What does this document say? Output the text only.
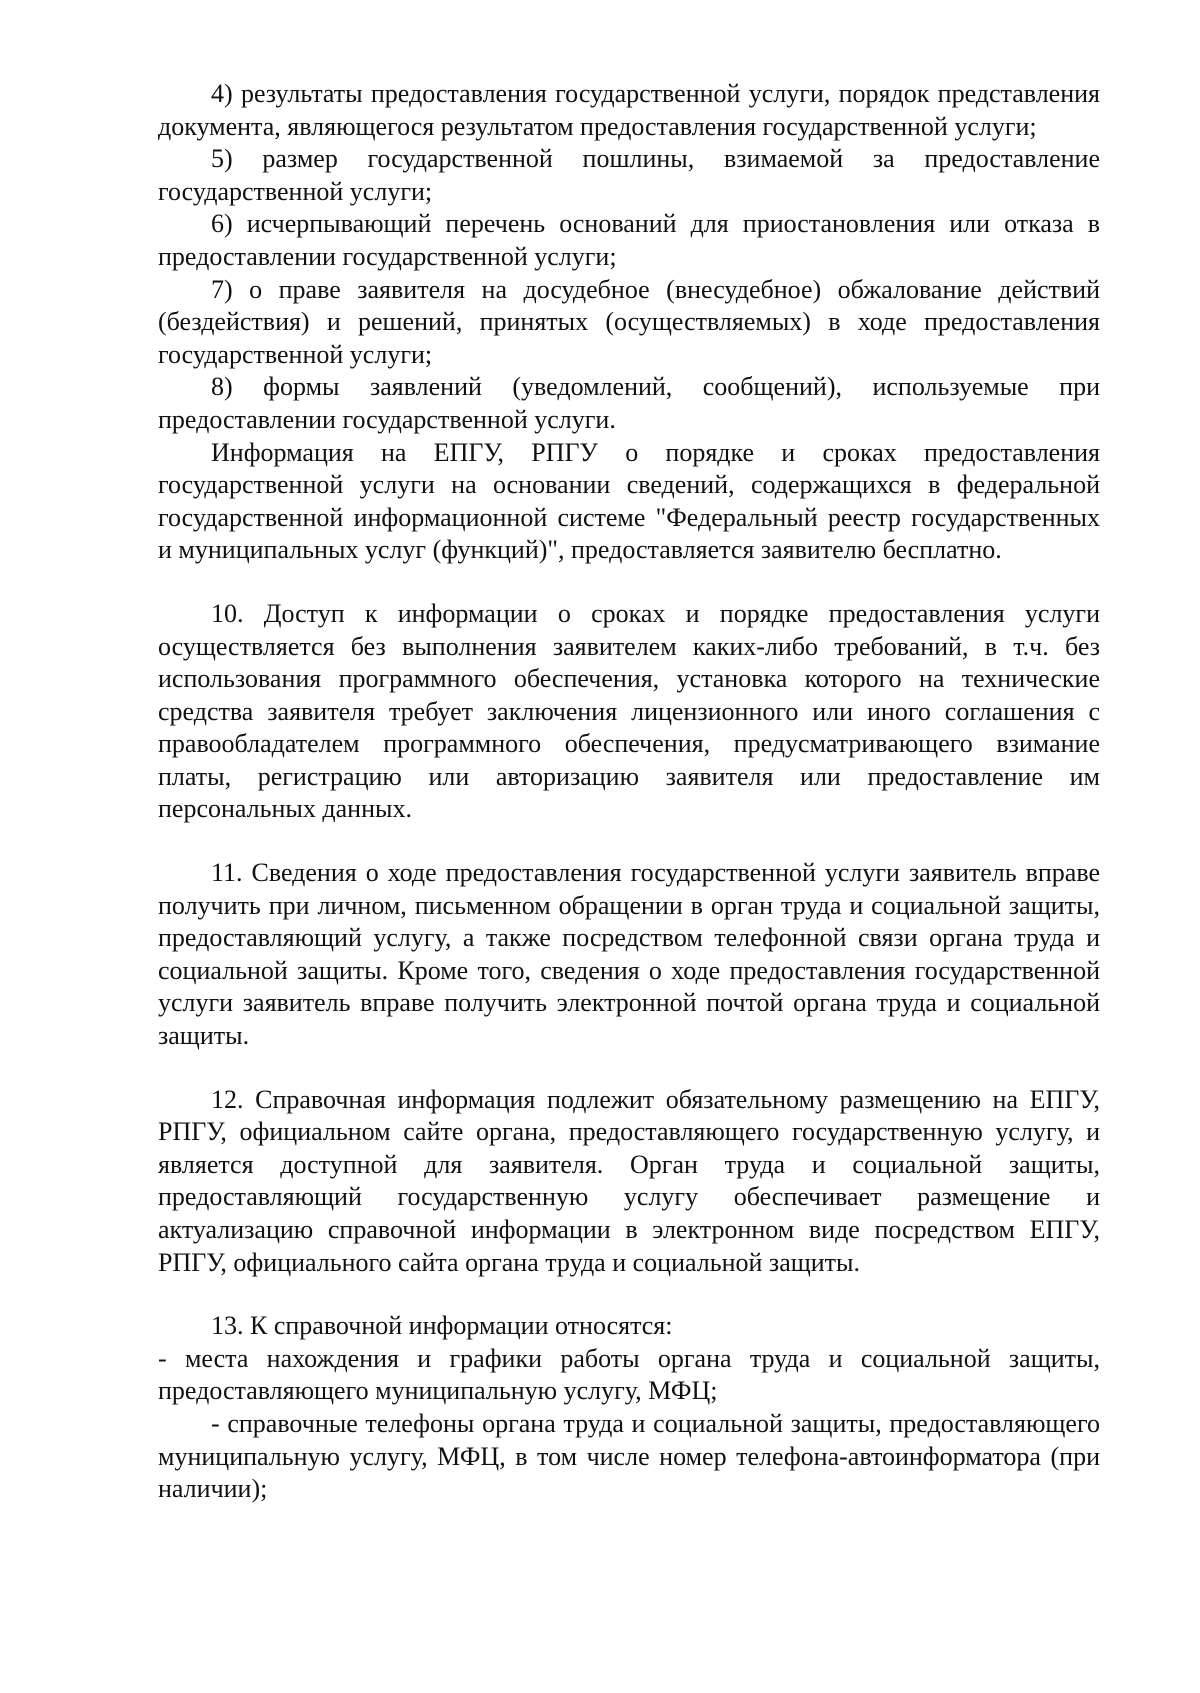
4) результаты предоставления государственной услуги, порядок представления документа, являющегося результатом предоставления государственной услуги;

5) размер государственной пошлины, взимаемой за предоставление государственной услуги;

6) исчерпывающий перечень оснований для приостановления или отказа в предоставлении государственной услуги;

7) о праве заявителя на досудебное (внесудебное) обжалование действий (бездействия) и решений, принятых (осуществляемых) в ходе предоставления государственной услуги;

8) формы заявлений (уведомлений, сообщений), используемые при предоставлении государственной услуги.

Информация на ЕПГУ, РПГУ о порядке и сроках предоставления государственной услуги на основании сведений, содержащихся в федеральной государственной информационной системе "Федеральный реестр государственных и муниципальных услуг (функций)", предоставляется заявителю бесплатно.

10. Доступ к информации о сроках и порядке предоставления услуги осуществляется без выполнения заявителем каких-либо требований, в т.ч. без использования программного обеспечения, установка которого на технические средства заявителя требует заключения лицензионного или иного соглашения с правообладателем программного обеспечения, предусматривающего взимание платы, регистрацию или авторизацию заявителя или предоставление им персональных данных.

11. Сведения о ходе предоставления государственной услуги заявитель вправе получить при личном, письменном обращении в орган труда и социальной защиты, предоставляющий услугу, а также посредством телефонной связи органа труда и социальной защиты. Кроме того, сведения о ходе предоставления государственной услуги заявитель вправе получить электронной почтой органа труда и социальной защиты.

12. Справочная информация подлежит обязательному размещению на ЕПГУ, РПГУ, официальном сайте органа, предоставляющего государственную услугу, и является доступной для заявителя. Орган труда и социальной защиты, предоставляющий государственную услугу обеспечивает размещение и актуализацию справочной информации в электронном виде посредством ЕПГУ, РПГУ, официального сайта органа труда и социальной защиты.

13. К справочной информации относятся:

- места нахождения и графики работы органа труда и социальной защиты, предоставляющего муниципальную услугу, МФЦ;

- справочные телефоны органа труда и социальной защиты, предоставляющего муниципальную услугу, МФЦ, в том числе номер телефона-автоинформатора (при наличии);
